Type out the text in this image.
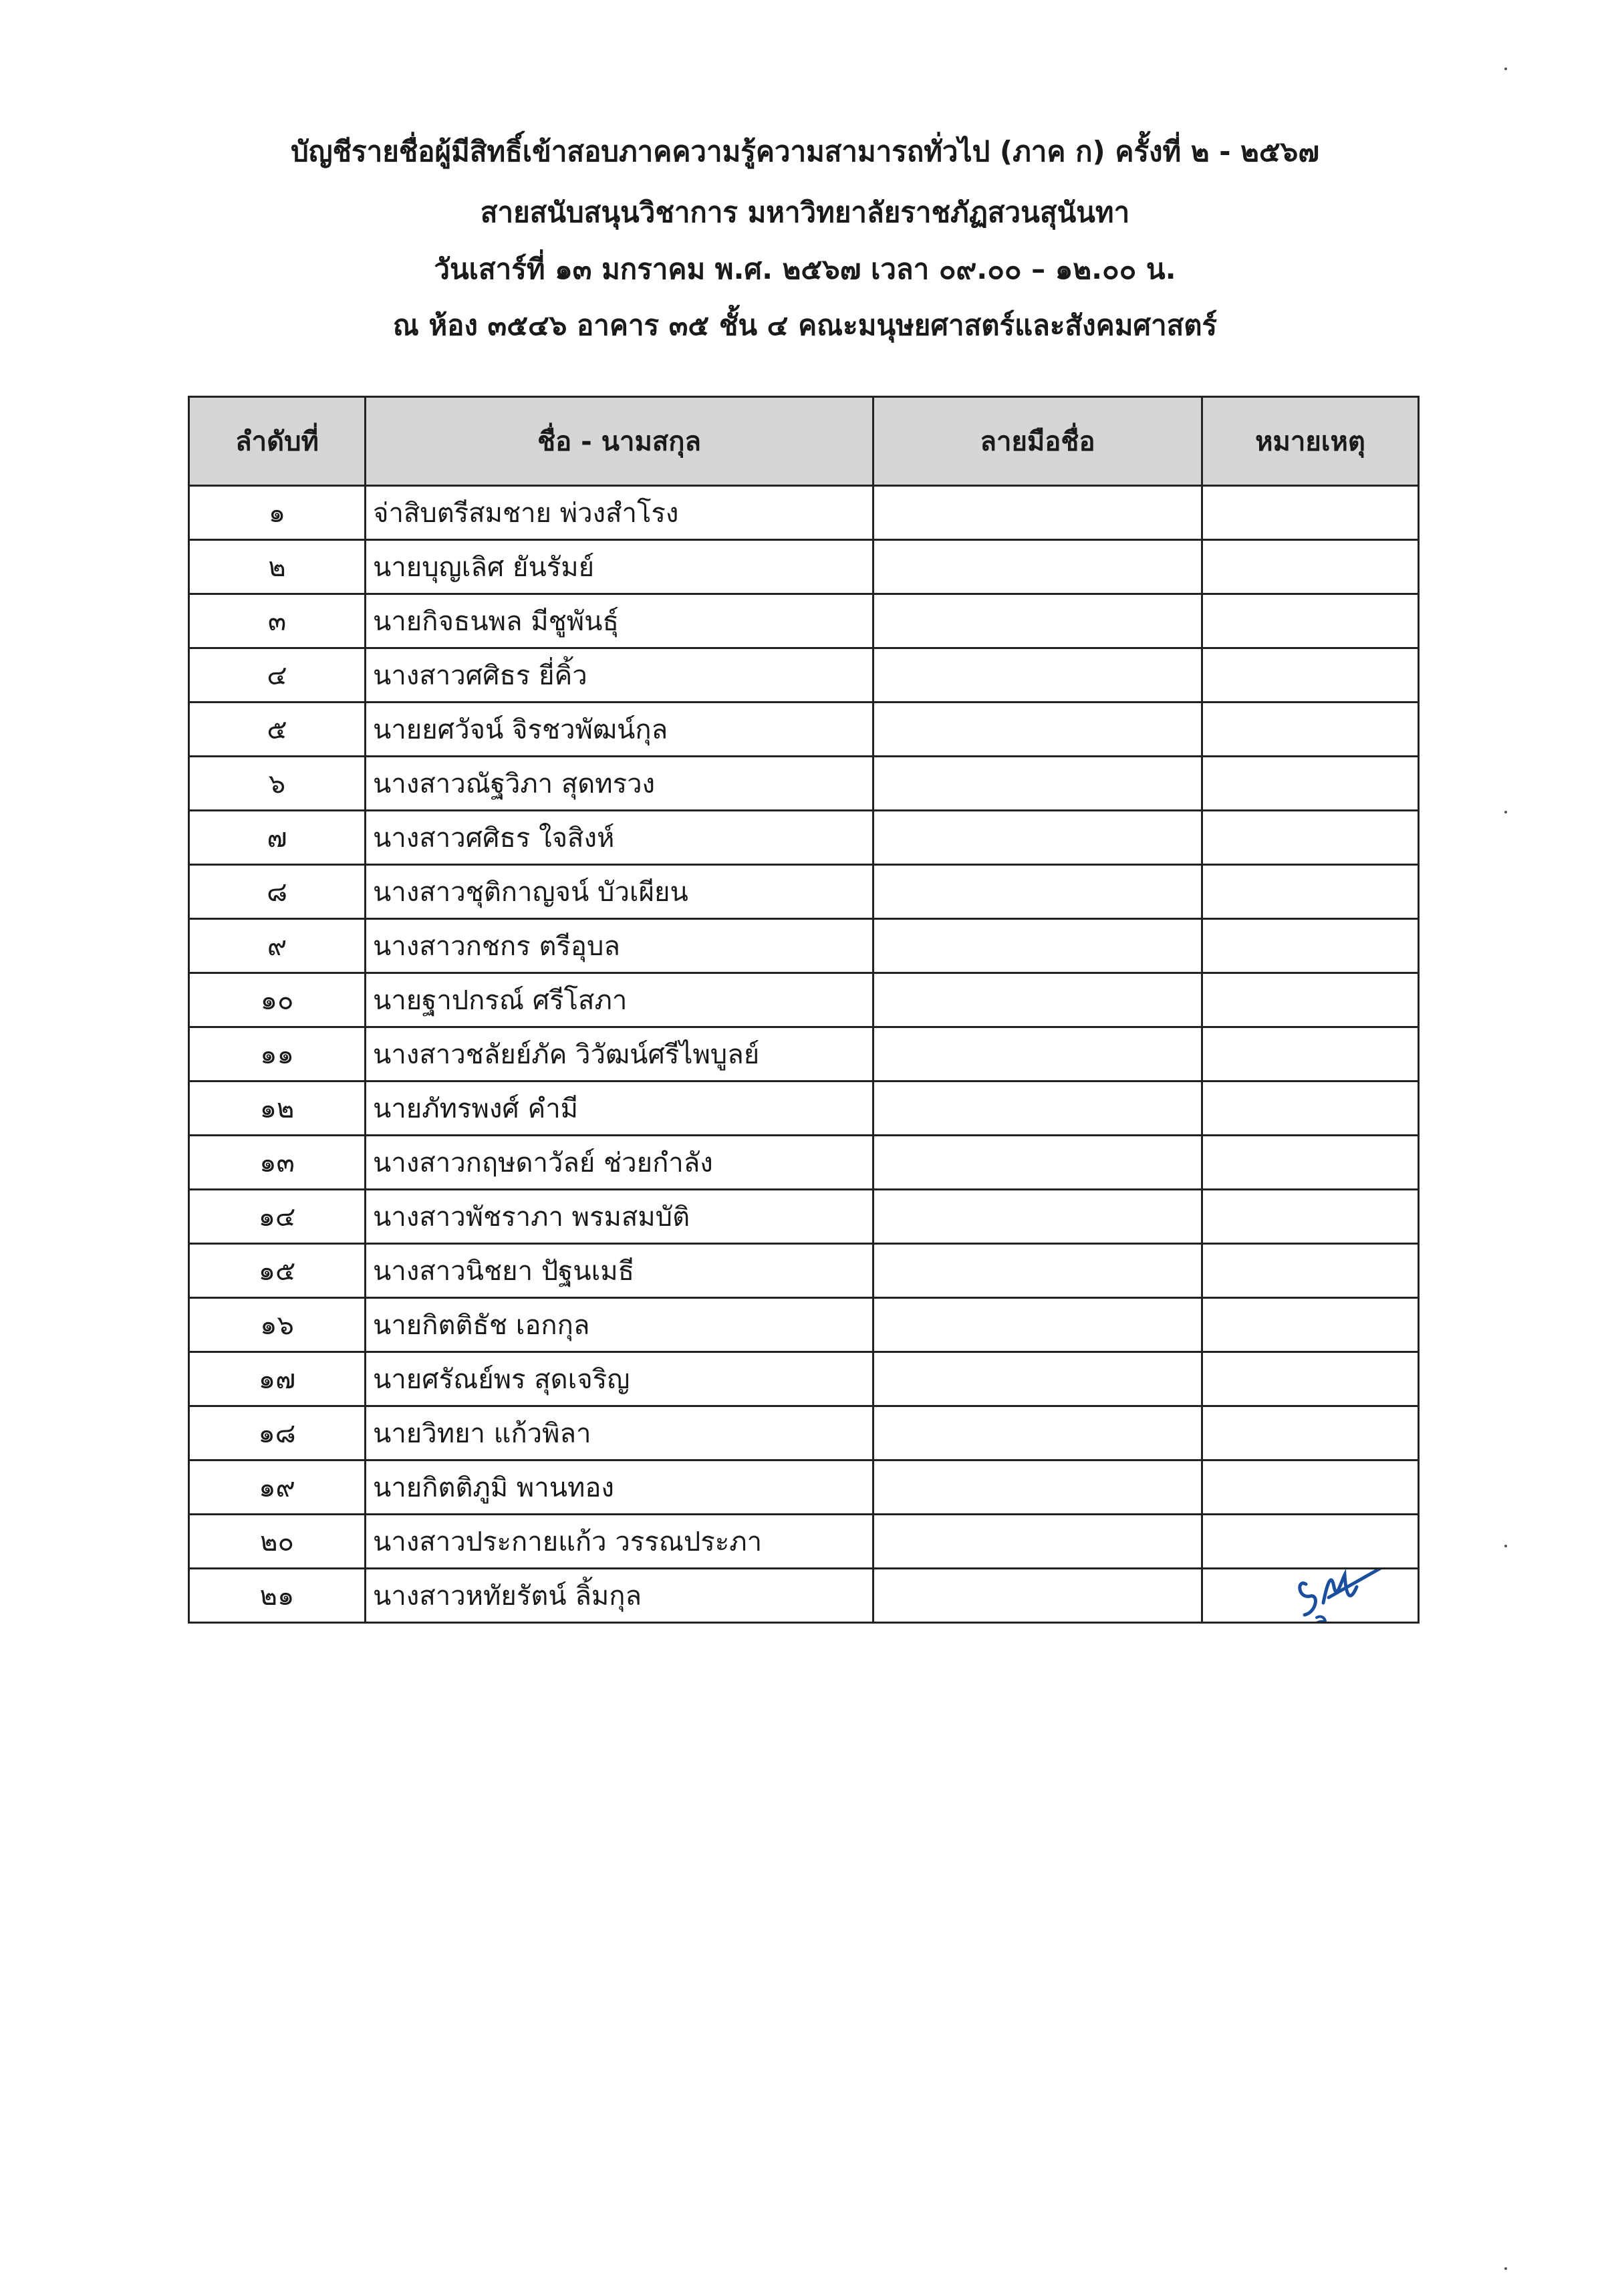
บัญชีรายชื่อผู้มีสิทธิ์เข้าสอบภาคความรู้ความสามารถทั่วไป (ภาค ก) ครั้งที่ ๒ - ๒๕๖๗
สายสนับสนุนวิชาการ มหาวิทยาลัยราชภัฏสวนสุนันทา
วันเสาร์ที่ ๑๓ มกราคม พ.ศ. ๒๕๖๗ เวลา ๐๙.๐๐ – ๑๒.๐๐ น.
ณ ห้อง ๓๕๔๖ อาคาร ๓๕ ชั้น ๔ คณะมนุษยศาสตร์และสังคมศาสตร์
ลำดับที่	ชื่อ - นามสกุล	ลายมือชื่อ	หมายเหตุ
๑	จ่าสิบตรีสมชาย พ่วงสำโรง		
๒	นายบุญเลิศ ยันรัมย์		
๓	นายกิจธนพล มีชูพันธุ์		
๔	นางสาวศศิธร ยี่คิ้ว		
๕	นายยศวัจน์ จิรชวพัฒน์กุล		
๖	นางสาวณัฐวิภา สุดทรวง		
๗	นางสาวศศิธร ใจสิงห์		
๘	นางสาวชุติกาญจน์ บัวเผียน		
๙	นางสาวกชกร ตรีอุบล		
๑๐	นายฐาปกรณ์ ศรีโสภา		
๑๑	นางสาวชลัยย์ภัค วิวัฒน์ศรีไพบูลย์		
๑๒	นายภัทรพงศ์ คำมี		
๑๓	นางสาวกฤษดาวัลย์ ช่วยกำลัง		
๑๔	นางสาวพัชราภา พรมสมบัติ		
๑๕	นางสาวนิชยา ปัฐนเมธี		
๑๖	นายกิตติธัช เอกกุล		
๑๗	นายศรัณย์พร สุดเจริญ		
๑๘	นายวิทยา แก้วพิลา		
๑๙	นายกิตติภูมิ พานทอง		
๒๐	นางสาวประกายแก้ว วรรณประภา		
๒๑	นางสาวหทัยรัตน์ ลิ้มกุล		
